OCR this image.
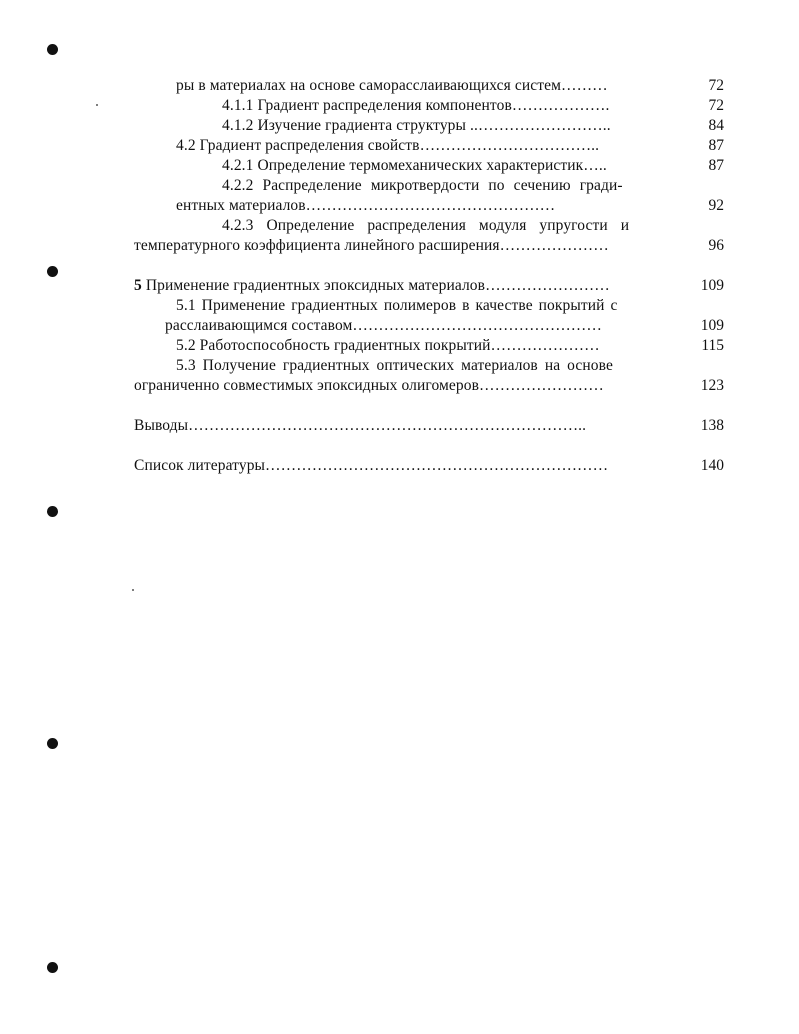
ры в материалах на основе саморасслаивающихся систем………	72
4.1.1 Градиент распределения компонентов……………….	72
4.1.2 Изучение градиента структуры ..……………………..	84
4.2 Градиент распределения свойств……………………………..	87
4.2.1 Определение термомеханических характеристик…..	87
4.2.2 Распределение микротвердости по сечению гради-
ентных материалов…………………………………………	92
4.2.3 Определение распределения модуля упругости и
температурного коэффициента линейного расширения…………………	96
5 Применение градиентных эпоксидных материалов……………………	109
5.1 Применение градиентных полимеров в качестве покрытий с
расслаивающимся составом…………………………………………	109
5.2 Работоспособность градиентных покрытий…………………	115
5.3 Получение градиентных оптических материалов на основе
ограниченно совместимых эпоксидных олигомеров……………………	123
Выводы…………………………………………………………………..	138
Список литературы…………………………………………………………	140
